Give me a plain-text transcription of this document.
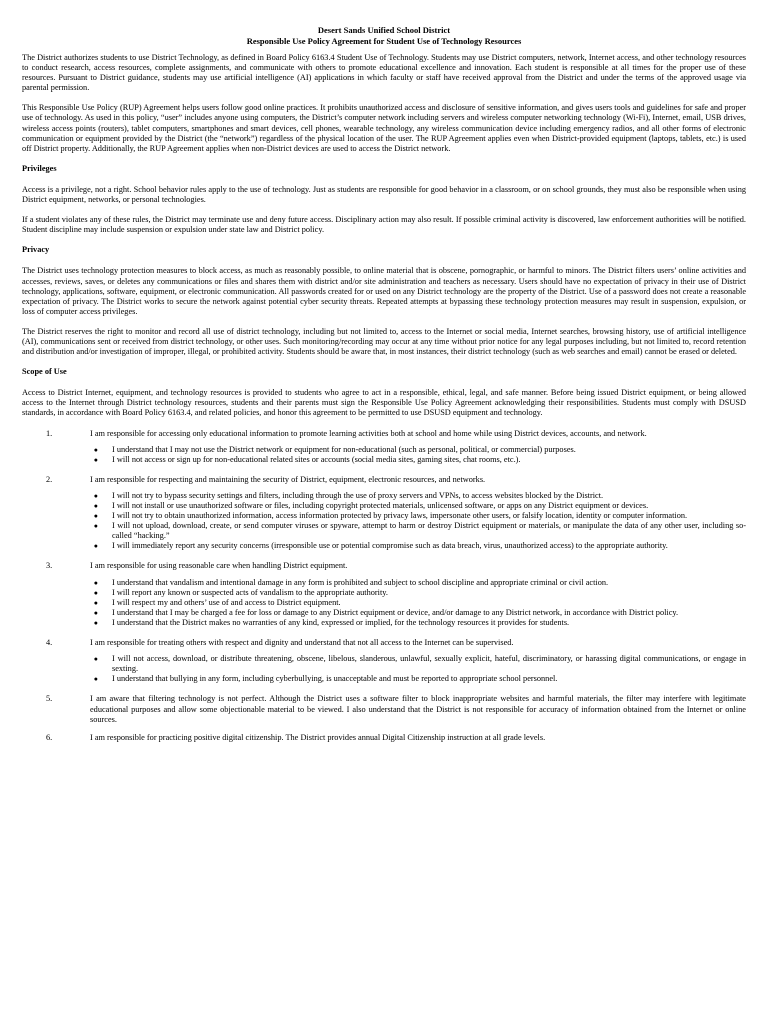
Desert Sands Unified School District
Responsible Use Policy Agreement for Student Use of Technology Resources

The District authorizes students to use District Technology, as defined in Board Policy 6163.4 Student Use of Technology. Students may use District computers, network, Internet access, and other technology resources to conduct research, access resources, complete assignments, and communicate with others to promote educational excellence and innovation. Each student is responsible at all times for the proper use of these resources. Pursuant to District guidance, students may use artificial intelligence (AI) applications in which faculty or staff have received approval from the District and under the terms of the approved usage via parental permission.

This Responsible Use Policy (RUP) Agreement helps users follow good online practices. It prohibits unauthorized access and disclosure of sensitive information, and gives users tools and guidelines for safe and proper use of technology. As used in this policy, “user” includes anyone using computers, the District’s computer network including servers and wireless computer networking technology (Wi-Fi), Internet, email, USB drives, wireless access points (routers), tablet computers, smartphones and smart devices, cell phones, wearable technology, any wireless communication device including emergency radios, and all other forms of electronic communication or equipment provided by the District (the “network”) regardless of the physical location of the user. The RUP Agreement applies even when District-provided equipment (laptops, tablets, etc.) is used off District property. Additionally, the RUP Agreement applies when non-District devices are used to access the District network.

Privileges

Access is a privilege, not a right. School behavior rules apply to the use of technology. Just as students are responsible for good behavior in a classroom, or on school grounds, they must also be responsible when using District equipment, networks, or personal technologies.

If a student violates any of these rules, the District may terminate use and deny future access. Disciplinary action may also result. If possible criminal activity is discovered, law enforcement authorities will be notified. Student discipline may include suspension or expulsion under state law and District policy.

Privacy

The District uses technology protection measures to block access, as much as reasonably possible, to online material that is obscene, pornographic, or harmful to minors. The District filters users’ online activities and accesses, reviews, saves, or deletes any communications or files and shares them with district and/or site administration and teachers as necessary. Users should have no expectation of privacy in their use of District technology, applications, software, equipment, or electronic communication. All passwords created for or used on any District technology are the property of the District. Use of a password does not create a reasonable expectation of privacy. The District works to secure the network against potential cyber security threats. Repeated attempts at bypassing these technology protection measures may result in suspension, expulsion, or loss of computer access privileges.

The District reserves the right to monitor and record all use of district technology, including but not limited to, access to the Internet or social media, Internet searches, browsing history, use of artificial intelligence (AI), communications sent or received from district technology, or other uses. Such monitoring/recording may occur at any time without prior notice for any legal purposes including, but not limited to, record retention and distribution and/or investigation of improper, illegal, or prohibited activity. Students should be aware that, in most instances, their district technology (such as web searches and email) cannot be erased or deleted.

Scope of Use

Access to District Internet, equipment, and technology resources is provided to students who agree to act in a responsible, ethical, legal, and safe manner. Before being issued District equipment, or being allowed access to the Internet through District technology resources, students and their parents must sign the Responsible Use Policy Agreement acknowledging their responsibilities. Students must comply with DSUSD standards, in accordance with Board Policy 6163.4, and related policies, and honor this agreement to be permitted to use DSUSD equipment and technology.

1.	I am responsible for accessing only educational information to promote learning activities both at school and home while using District devices, accounts, and network.
●	I understand that I may not use the District network or equipment for non-educational (such as personal, political, or commercial) purposes.
●	I will not access or sign up for non-educational related sites or accounts (social media sites, gaming sites, chat rooms, etc.).
2.	I am responsible for respecting and maintaining the security of District, equipment, electronic resources, and networks.
●	I will not try to bypass security settings and filters, including through the use of proxy servers and VPNs, to access websites blocked by the District.
●	I will not install or use unauthorized software or files, including copyright protected materials, unlicensed software, or apps on any District equipment or devices.
●	I will not try to obtain unauthorized information, access information protected by privacy laws, impersonate other users, or falsify location, identity or computer information.
●	I will not upload, download, create, or send computer viruses or spyware, attempt to harm or destroy District equipment or materials, or manipulate the data of any other user, including so-called “hacking.”
●	I will immediately report any security concerns (irresponsible use or potential compromise such as data breach, virus, unauthorized access) to the appropriate authority.
3.	I am responsible for using reasonable care when handling District equipment.
●	I understand that vandalism and intentional damage in any form is prohibited and subject to school discipline and appropriate criminal or civil action.
●	I will report any known or suspected acts of vandalism to the appropriate authority.
●	I will respect my and others’ use of and access to District equipment.
●	I understand that I may be charged a fee for loss or damage to any District equipment or device, and/or damage to any District network, in accordance with District policy.
●	I understand that the District makes no warranties of any kind, expressed or implied, for the technology resources it provides for students.
4.	I am responsible for treating others with respect and dignity and understand that not all access to the Internet can be supervised.
●	I will not access, download, or distribute threatening, obscene, libelous, slanderous, unlawful, sexually explicit, hateful, discriminatory, or harassing digital communications, or engage in sexting.
●	I understand that bullying in any form, including cyberbullying, is unacceptable and must be reported to appropriate school personnel.
5.	I am aware that filtering technology is not perfect. Although the District uses a software filter to block inappropriate websites and harmful materials, the filter may interfere with legitimate educational purposes and allow some objectionable material to be viewed. I also understand that the District is not responsible for accuracy of information obtained from the Internet or online sources.
6.	I am responsible for practicing positive digital citizenship. The District provides annual Digital Citizenship instruction at all grade levels.
